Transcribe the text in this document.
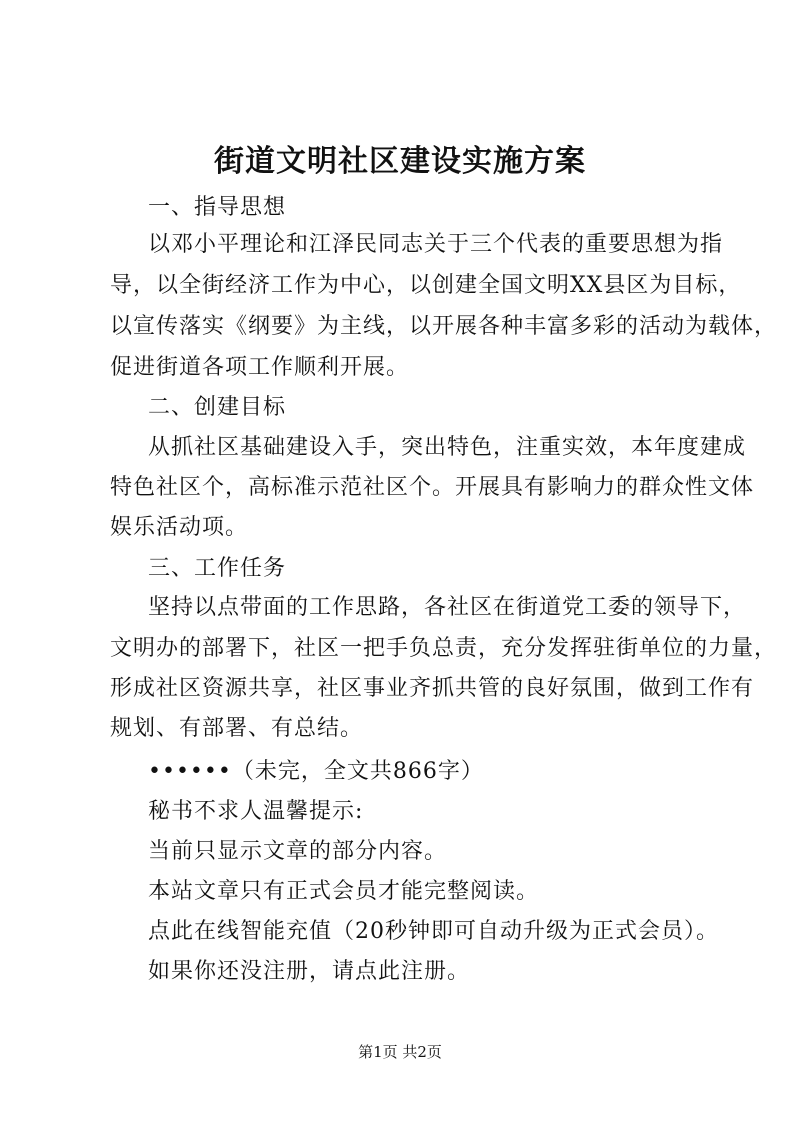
街道文明社区建设实施方案
一、指导思想
以邓小平理论和江泽民同志关于三个代表的重要思想为指
导，以全街经济工作为中心，以创建全国文明XX县区为目标，
以宣传落实《纲要》为主线，以开展各种丰富多彩的活动为载体，
促进街道各项工作顺利开展。
二、创建目标
从抓社区基础建设入手，突出特色，注重实效，本年度建成
特色社区个，高标准示范社区个。开展具有影响力的群众性文体
娱乐活动项。
三、工作任务
坚持以点带面的工作思路，各社区在街道党工委的领导下，
文明办的部署下，社区一把手负总责，充分发挥驻街单位的力量，
形成社区资源共享，社区事业齐抓共管的良好氛围，做到工作有
规划、有部署、有总结。
••••••（未完，全文共866字）
秘书不求人温馨提示:
当前只显示文章的部分内容。
本站文章只有正式会员才能完整阅读。
点此在线智能充值（20秒钟即可自动升级为正式会员）。
如果你还没注册，请点此注册。
第1页 共2页
